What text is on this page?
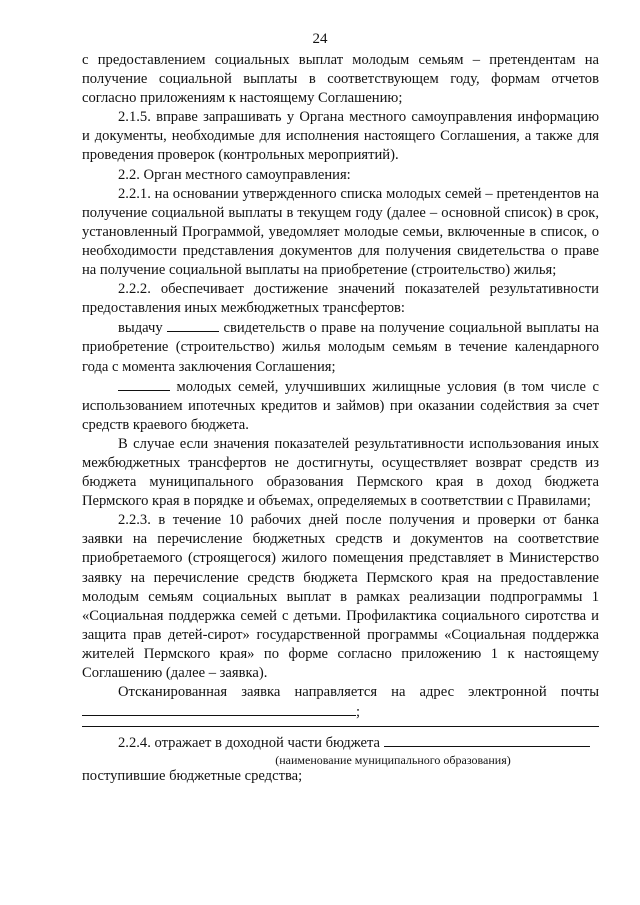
24

с предоставлением социальных выплат молодым семьям – претендентам на получение социальной выплаты в соответствующем году, формам отчетов согласно приложениям к настоящему Соглашению;

2.1.5. вправе запрашивать у Органа местного самоуправления информацию и документы, необходимые для исполнения настоящего Соглашения, а также для проведения проверок (контрольных мероприятий).

2.2. Орган местного самоуправления:

2.2.1. на основании утвержденного списка молодых семей – претендентов на получение социальной выплаты в текущем году (далее – основной список) в срок, установленный Программой, уведомляет молодые семьи, включенные в список, о необходимости представления документов для получения свидетельства о праве на получение социальной выплаты на приобретение (строительство) жилья;

2.2.2. обеспечивает достижение значений показателей результативности предоставления иных межбюджетных трансфертов:

выдачу	свидетельств о праве на получение социальной выплаты на приобретение (строительство) жилья молодым семьям в течение календарного года с момента заключения Соглашения;

молодых семей, улучшивших жилищные условия (в том числе с использованием ипотечных кредитов и займов) при оказании содействия за счет средств краевого бюджета.

В случае если значения показателей результативности использования иных межбюджетных трансфертов не достигнуты, осуществляет возврат средств из бюджета муниципального образования Пермского края в доход бюджета Пермского края в порядке и объемах, определяемых в соответствии с Правилами;

2.2.3. в течение 10 рабочих дней после получения и проверки от банка заявки на перечисление бюджетных средств и документов на соответствие приобретаемого (строящегося) жилого помещения представляет в Министерство заявку на перечисление средств бюджета Пермского края на предоставление молодым семьям социальных выплат в рамках реализации подпрограммы 1 «Социальная поддержка семей с детьми. Профилактика социального сиротства и защита прав детей-сирот» государственной программы «Социальная поддержка жителей Пермского края» по форме согласно приложению 1 к настоящему Соглашению (далее – заявка).

Отсканированная заявка направляется на адрес электронной почты

;

2.2.4. отражает в доходной части бюджета

(наименование муниципального образования)

поступившие бюджетные средства;
